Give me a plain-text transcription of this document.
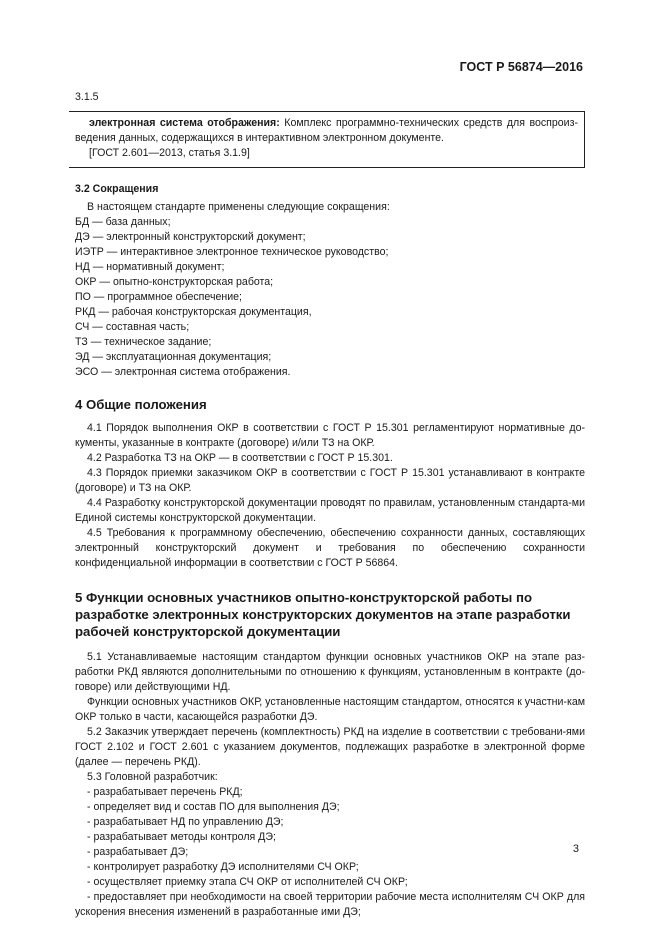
ГОСТ Р 56874—2016

3.1.5

электронная система отображения: Комплекс программно-технических средств для воспроиз-ведения данных, содержащихся в интерактивном электронном документе.

[ГОСТ 2.601—2013, статья 3.1.9]

3.2 Сокращения

В настоящем стандарте применены следующие сокращения:

БД — база данных;
ДЭ — электронный конструкторский документ;
ИЭТР — интерактивное электронное техническое руководство;
НД — нормативный документ;
ОКР — опытно-конструкторская работа;
ПО — программное обеспечение;
РКД — рабочая конструкторская документация,
СЧ — составная часть;
ТЗ — техническое задание;
ЭД — эксплуатационная документация;
ЭСО — электронная система отображения.
4 Общие положения

4.1 Порядок выполнения ОКР в соответствии с ГОСТ Р 15.301 регламентируют нормативные до-кументы, указанные в контракте (договоре) и/или ТЗ на ОКР.

4.2 Разработка ТЗ на ОКР — в соответствии с ГОСТ Р 15.301.

4.3 Порядок приемки заказчиком ОКР в соответствии с ГОСТ Р 15.301 устанавливают в контракте (договоре) и ТЗ на ОКР.

4.4 Разработку конструкторской документации проводят по правилам, установленным стандарта-ми Единой системы конструкторской документации.

4.5 Требования к программному обеспечению, обеспечению сохранности данных, составляющих электронный конструкторский документ и требования по обеспечению сохранности конфиденциальной информации в соответствии с ГОСТ Р 56864.

5 Функции основных участников опытно-конструкторской работы по разработке электронных конструкторских документов на этапе разработки рабочей конструкторской документации

5.1 Устанавливаемые настоящим стандартом функции основных участников ОКР на этапе раз-работки РКД являются дополнительными по отношению к функциям, установленным в контракте (до-говоре) или действующими НД.

Функции основных участников ОКР, установленные настоящим стандартом, относятся к участни-кам ОКР только в части, касающейся разработки ДЭ.

5.2 Заказчик утверждает перечень (комплектность) РКД на изделие в соответствии с требовани-ями ГОСТ 2.102 и ГОСТ 2.601 с указанием документов, подлежащих разработке в электронной форме (далее — перечень РКД).

5.3 Головной разработчик:

- разрабатывает перечень РКД;
- определяет вид и состав ПО для выполнения ДЭ;
- разрабатывает НД по управлению ДЭ;
- разрабатывает методы контроля ДЭ;
- разрабатывает ДЭ;
- контролирует разработку ДЭ исполнителями СЧ ОКР;
- осуществляет приемку этапа СЧ ОКР от исполнителей СЧ ОКР;
- предоставляет при необходимости на своей территории рабочие места исполнителям СЧ ОКР для ускорения внесения изменений в разработанные ими ДЭ;
3
